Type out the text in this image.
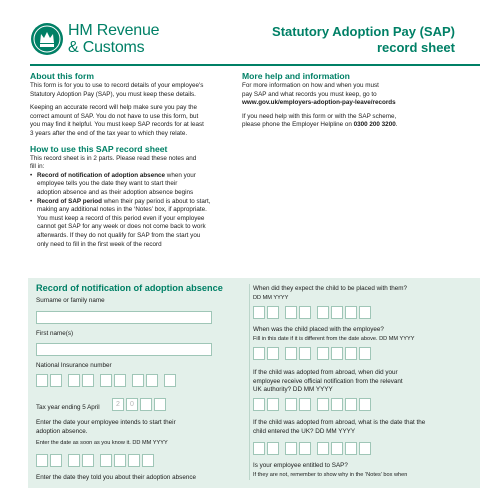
HM Revenue
& Customs
Statutory Adoption Pay (SAP)
record sheet
About this form
This form is for you to use to record details of your employee's
Statutory Adoption Pay (SAP), you must keep these details.
Keeping an accurate record will help make sure you pay the
correct amount of SAP. You do not have to use this form, but
you may find it helpful. You must keep SAP records for at least
3 years after the end of the tax year to which they relate.
How to use this SAP record sheet
This record sheet is in 2 parts. Please read these notes and
fill in:
• Record of notification of adoption absence when your
employee tells you the date they want to start their
adoption absence and as their adoption absence begins
• Record of SAP period when their pay period is about to start,
making any additional notes in the ‘Notes’ box, if appropriate.
You must keep a record of this period even if your employee
cannot get SAP for any week or does not come back to work
afterwards. If they do not qualify for SAP from the start you
only need to fill in the first week of the record
More help and information
For more information on how and when you must
pay SAP and what records you must keep, go to
www.gov.uk/employers-adoption-pay-leave/records
If you need help with this form or with the SAP scheme,
please phone the Employer Helpline on 0300 200 3200.
Record of notification of adoption absence
Surname or family name
First name(s)
National Insurance number
Tax year ending 5 April	2	0
Enter the date your employee intends to start their
adoption absence.
Enter the date as soon as you know it. DD MM YYYY
Enter the date they told you about their adoption absence
When did they expect the child to be placed with them?
DD MM YYYY
When was the child placed with the employee?
Fill in this date if it is different from the date above. DD MM YYYY
If the child was adopted from abroad, when did your
employee receive official notification from the relevant
UK authority? DD MM YYYY
If the child was adopted from abroad, what is the date that the
child entered the UK? DD MM YYYY
Is your employee entitled to SAP?
If they are not, remember to show why in the ‘Notes’ box when
